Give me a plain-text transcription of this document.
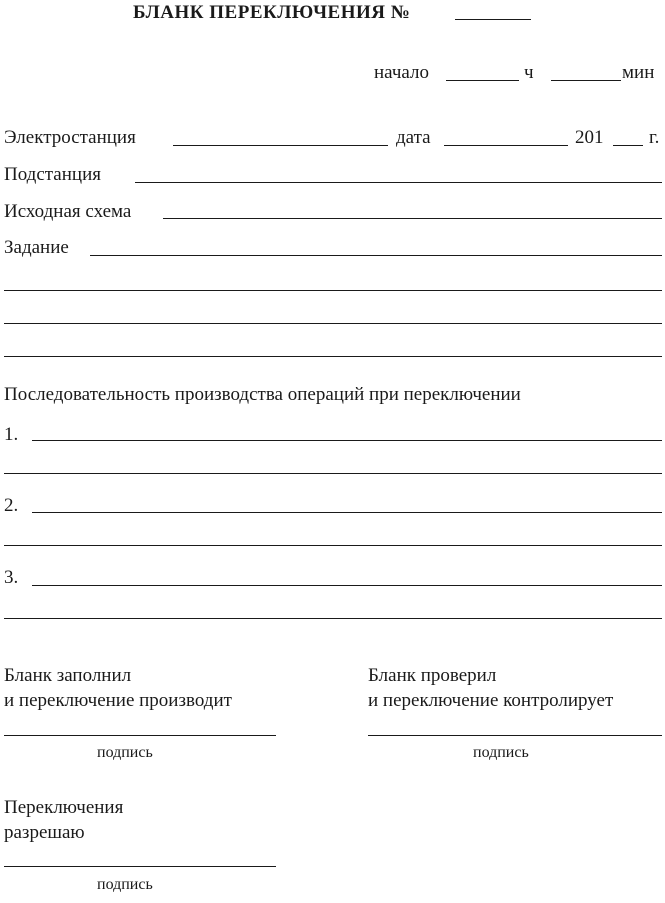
БЛАНК ПЕРЕКЛЮЧЕНИЯ №
начало	ч	мин
Электростанция	дата	201 г.
Подстанция
Исходная схема
Задание
Последовательность производства операций при переключении
1.
2.
3.
Бланк заполнил
и переключение производит
подпись
Бланк проверил
и переключение контролирует
подпись
Переключения
разрешаю
подпись
